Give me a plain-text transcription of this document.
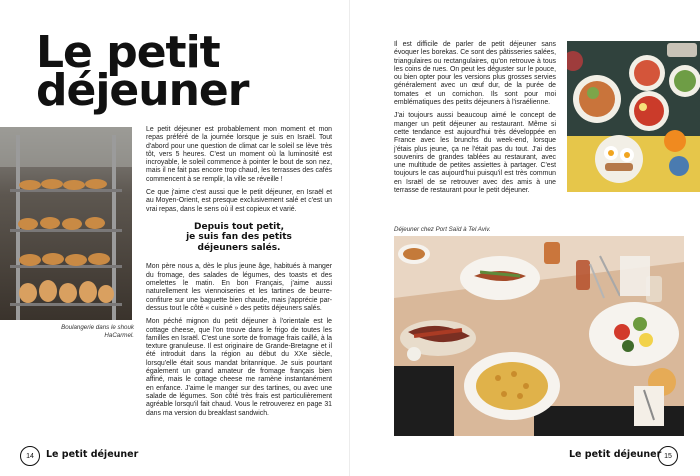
Le petit
déjeuner
Boulangerie dans le shouk
HaCarmel.

Le petit déjeuner est probablement mon moment et mon repas préféré de la journée lorsque je suis en Israël. Tout d'abord pour une question de climat car le soleil se lève très tôt, vers 5 heures. C'est un moment où la luminosité est incroyable, le soleil commence à pointer le bout de son nez, mais il ne fait pas encore trop chaud, les terrasses des cafés commencent à se remplir, la ville se réveille !

Ce que j'aime c'est aussi que le petit déjeuner, en Israël et au Moyen-Orient, est presque exclusivement salé et c'est un vrai repas, dans le sens où il est copieux et varié.

Depuis tout petit,
je suis fan des petits
déjeuners salés.

Mon père nous a, dès le plus jeune âge, habitués à manger du fromage, des salades de légumes, des toasts et des omelettes le matin. En bon Français, j'aime aussi naturellement les viennoiseries et les tartines de beurre-confiture sur une baguette bien chaude, mais j'apprécie par-dessus tout le côté « cuisiné » des petits déjeuners salés.

Mon péché mignon du petit déjeuner à l'orientale est le cottage cheese, que l'on trouve dans le frigo de toutes les familles en Israël. C'est une sorte de fromage frais caillé, à la texture granuleuse. Il est originaire de Grande-Bretagne et il été introduit dans la région au début du XXe siècle, lorsqu'elle était sous mandat britannique. Je suis pourtant également un grand amateur de fromage français bien affiné, mais le cottage cheese me ramène instantanément en enfance. J'aime le manger sur des tartines, ou avec une salade de légumes. Son côté très frais est particulièrement agréable lorsqu'il fait chaud. Vous le retrouverez en page 31 dans ma version du breakfast sandwich.

14	Le petit déjeuner

Il est difficile de parler de petit déjeuner sans évoquer les borekas. Ce sont des pâtisseries salées, triangulaires ou rectangulaires, qu'on retrouve à tous les coins de rues. On peut les déguster sur le pouce, ou bien opter pour les versions plus grosses servies généralement avec un œuf dur, de la purée de tomates et un cornichon. Ils sont pour moi emblématiques des petits déjeuners à l'israélienne.

J'ai toujours aussi beaucoup aimé le concept de manger un petit déjeuner au restaurant. Même si cette tendance est aujourd'hui très développée en France avec les brunchs du week-end, lorsque j'étais plus jeune, ça ne l'était pas du tout. J'ai des souvenirs de grandes tablées au restaurant, avec une multitude de petites assiettes à partager. C'est toujours le cas aujourd'hui puisqu'il est très commun en Israël de se retrouver avec des amis à une terrasse de restaurant pour le petit déjeuner.

Déjeuner chez Port Saïd à Tel Aviv.
Le petit déjeuner 15
